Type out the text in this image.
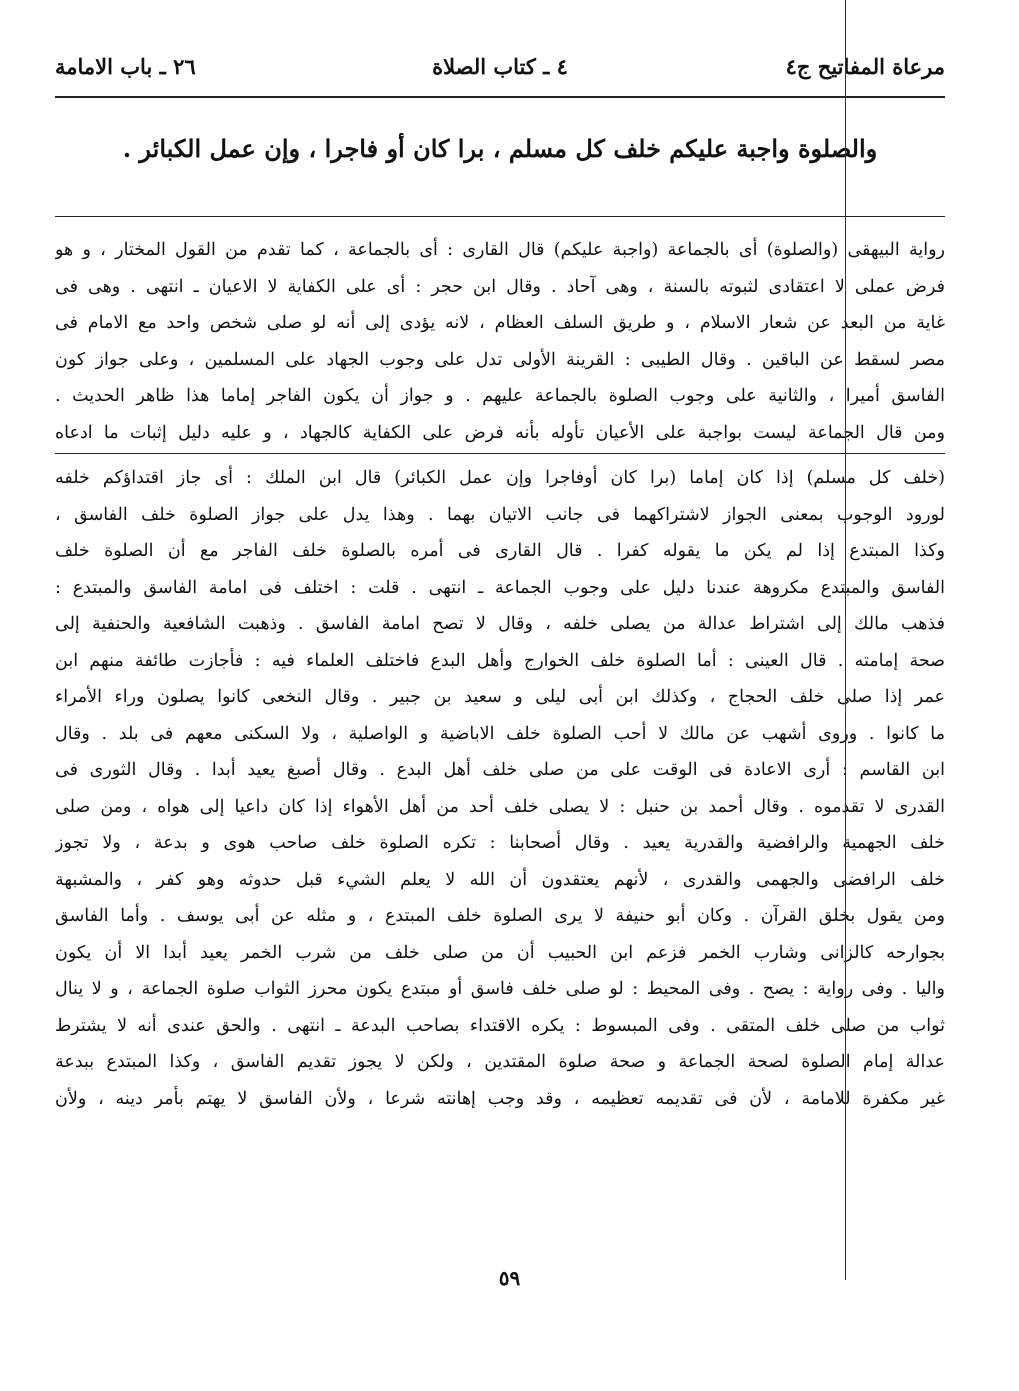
مرعاة المفاتيح ج٤
٤ ـ كتاب الصلاة
٢٦ ـ باب الامامة
والصلوة واجبة عليكم خلف كل مسلم ، برا كان أو فاجرا ، وإن عمل الكبائر .
رواية البيهقى (والصلوة) أى بالجماعة (واجبة عليكم) قال القارى : أى بالجماعة ، كما تقدم من القول المختار ، و هو
فرض عملى لا اعتقادى لثبوته بالسنة ، وهى آحاد . وقال ابن حجر : أى على الكفاية لا الاعيان ـ انتهى . وهى فى
غاية من البعد عن شعار الاسلام ، و طريق السلف العظام ، لانه يؤدى إلى أنه لو صلى شخص واحد مع الامام فى
مصر لسقط عن الباقين . وقال الطيبى : القرينة الأولى تدل على وجوب الجهاد على المسلمين ، وعلى جواز كون
الفاسق أميرا ، والثانية على وجوب الصلوة بالجماعة عليهم . و جواز أن يكون الفاجر إماما هذا ظاهر الحديث .
ومن قال الجماعة ليست بواجبة على الأعيان تأوله بأنه فرض على الكفاية كالجهاد ، و عليه دليل إثبات ما ادعاه
(خلف كل مسلم) إذا كان إماما (برا كان أوفاجرا وإن عمل الكبائر) قال ابن الملك : أى جاز اقتداؤكم خلفه
لورود الوجوب بمعنى الجواز لاشتراكهما فى جانب الاتيان بهما . وهذا يدل على جواز الصلوة خلف الفاسق ،
وكذا المبتدع إذا لم يكن ما يقوله كفرا . قال القارى فى أمره بالصلوة خلف الفاجر مع أن الصلوة خلف
الفاسق والمبتدع مكروهة عندنا دليل على وجوب الجماعة ـ انتهى . قلت : اختلف فى امامة الفاسق والمبتدع :
فذهب مالك إلى اشتراط عدالة من يصلى خلفه ، وقال لا تصح امامة الفاسق . وذهبت الشافعية والحنفية إلى
صحة إمامته . قال العينى : أما الصلوة خلف الخوارج وأهل البدع فاختلف العلماء فيه : فأجازت طائفة منهم ابن
عمر إذا صلى خلف الحجاج ، وكذلك ابن أبى ليلى و سعيد بن جبير . وقال النخعى كانوا يصلون وراء الأمراء
ما كانوا . وروى أشهب عن مالك لا أحب الصلوة خلف الاباضية و الواصلية ، ولا السكنى معهم فى بلد . وقال
ابن القاسم : أرى الاعادة فى الوقت على من صلى خلف أهل البدع . وقال أصبغ يعيد أبدا . وقال الثورى فى
القدرى لا تقدموه . وقال أحمد بن حنبل : لا يصلى خلف أحد من أهل الأهواء إذا كان داعيا إلى هواه ، ومن صلى
خلف الجهمية والرافضية والقدرية يعيد . وقال أصحابنا : تكره الصلوة خلف صاحب هوى و بدعة ، ولا تجوز
خلف الرافضى والجهمى والقدرى ، لأنهم يعتقدون أن الله لا يعلم الشيء قبل حدوثه وهو كفر ، والمشبهة
ومن يقول بخلق القرآن . وكان أبو حنيفة لا يرى الصلوة خلف المبتدع ، و مثله عن أبى يوسف . وأما الفاسق
بجوارحه كالزانى وشارب الخمر فزعم ابن الحبيب أن من صلى خلف من شرب الخمر يعيد أبدا الا أن يكون
واليا . وفى رواية : يصح . وفى المحيط : لو صلى خلف فاسق أو مبتدع يكون محرز الثواب صلوة الجماعة ، و لا ينال
ثواب من صلى خلف المتقى . وفى المبسوط : يكره الاقتداء بصاحب البدعة ـ انتهى . والحق عندى أنه لا يشترط
عدالة إمام الصلوة لصحة الجماعة و صحة صلوة المقتدين ، ولكن لا يجوز تقديم الفاسق ، وكذا المبتدع ببدعة
غير مكفرة للامامة ، لأن فى تقديمه تعظيمه ، وقد وجب إهانته شرعا ، ولأن الفاسق لا يهتم بأمر دينه ، ولأن
٥٩
